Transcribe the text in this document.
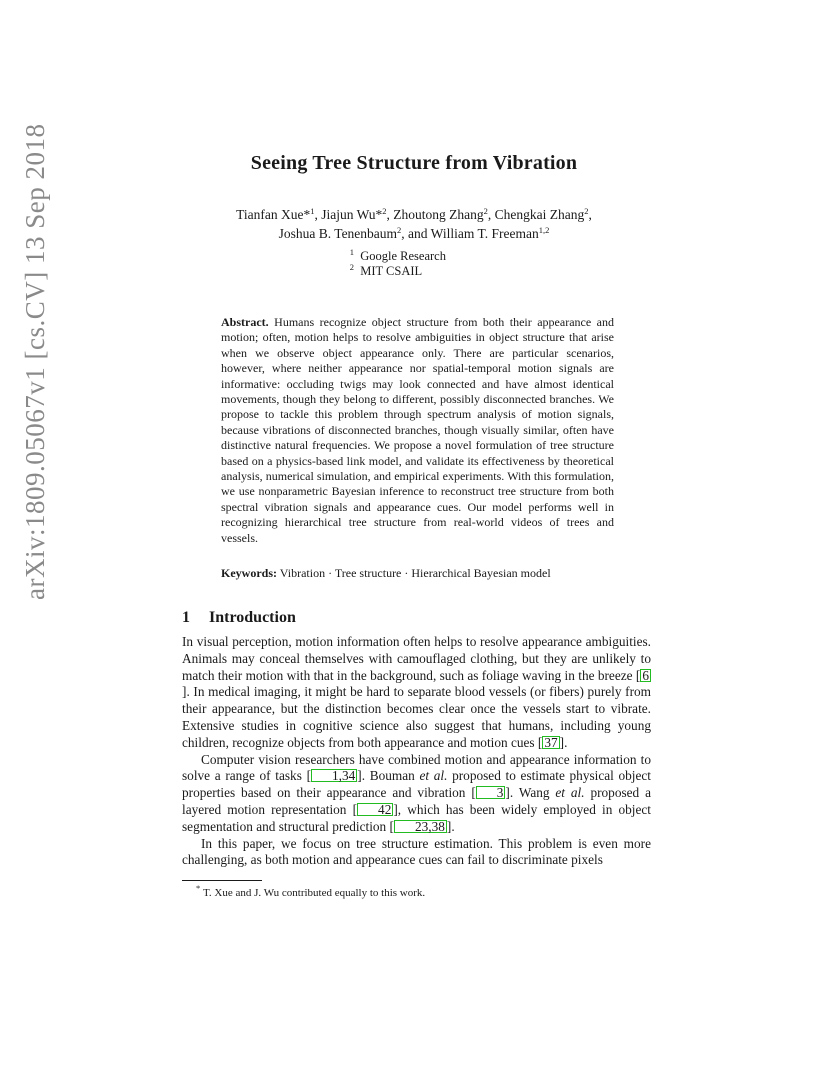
arXiv:1809.05067v1 [cs.CV] 13 Sep 2018	Seeing Tree Structure from Vibration
Tianfan Xue*$^1$, Jiajun Wu*$^2$, Zhoutong Zhang$^2$, Chengkai Zhang$^2$,
Joshua B. Tenenbaum$^2$, and William T. Freeman$^{1,2}$
$^1$ Google Research
$^2$ MIT CSAIL
Abstract. Humans recognize object structure from both their appearance and motion; often, motion helps to resolve ambiguities in object structure that arise when we observe object appearance only. There are particular scenarios, however, where neither appearance nor spatial-temporal motion signals are informative: occluding twigs may look connected and have almost identical movements, though they belong to different, possibly disconnected branches. We propose to tackle this problem through spectrum analysis of motion signals, because vibrations of disconnected branches, though visually similar, often have distinctive natural frequencies. We propose a novel formulation of tree structure based on a physics-based link model, and validate its effectiveness by theoretical analysis, numerical simulation, and empirical experiments. With this formulation, we use nonparametric Bayesian inference to reconstruct tree structure from both spectral vibration signals and appearance cues. Our model performs well in recognizing hierarchical tree structure from real-world videos of trees and vessels.
Keywords: Vibration · Tree structure · Hierarchical Bayesian model
1 Introduction

In visual perception, motion information often helps to resolve appearance ambiguities. Animals may conceal themselves with camouflaged clothing, but they are unlikely to match their motion with that in the background, such as foliage waving in the breeze [ 6]. In medical imaging, it might be hard to separate blood vessels (or fibers) purely from their appearance, but the distinction becomes clear once the vessels start to vibrate. Extensive studies in cognitive science also suggest that humans, including young children, recognize objects from both appearance and motion cues [ 37 ].

Computer vision researchers have combined motion and appearance information to solve a range of tasks [ 1,34 ]. Bouman et al. proposed to estimate physical object properties based on their appearance and vibration [ 3 ]. Wang et al. proposed a layered motion representation [ 42 ], which has been widely employed in object segmentation and structural prediction [ 23,38 ].

In this paper, we focus on tree structure estimation. This problem is even more challenging, as both motion and appearance cues can fail to discriminate pixels

* T. Xue and J. Wu contributed equally to this work.
